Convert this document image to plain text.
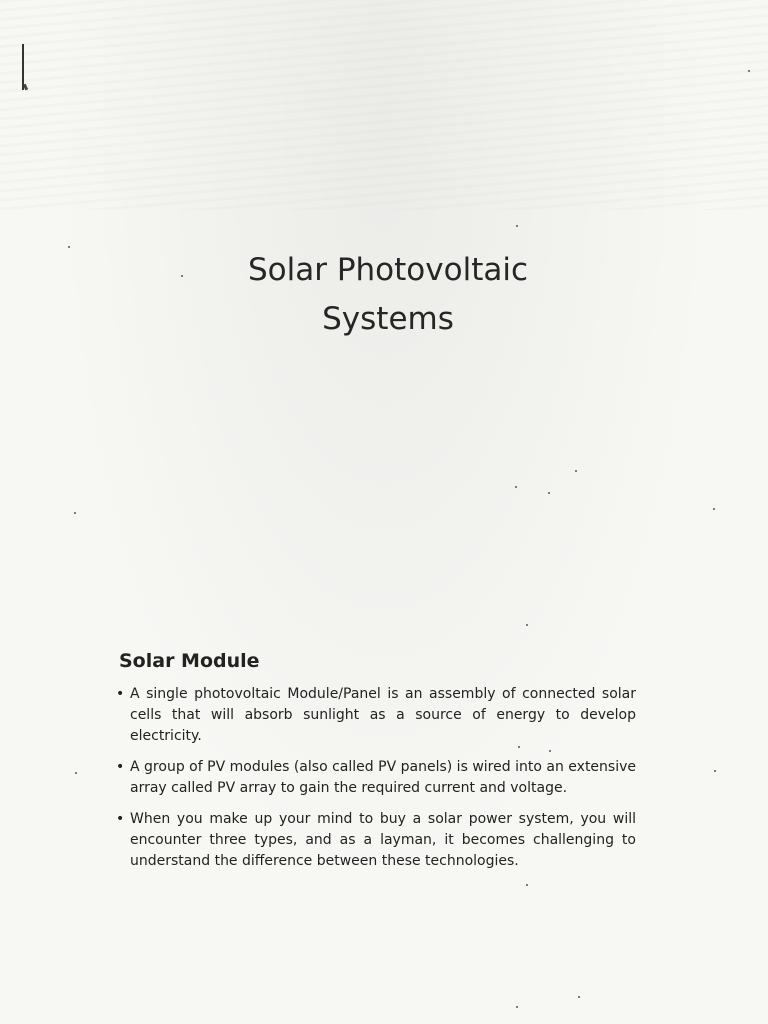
Solar Photovoltaic
Systems
Solar Module
• A single photovoltaic Module/Panel is an assembly of connected solar cells that will absorb sunlight as a source of energy to develop electricity.
• A group of PV modules (also called PV panels) is wired into an extensive array called PV array to gain the required current and voltage.
• When you make up your mind to buy a solar power system, you will encounter three types, and as a layman, it becomes challenging to understand the difference between these technologies.
